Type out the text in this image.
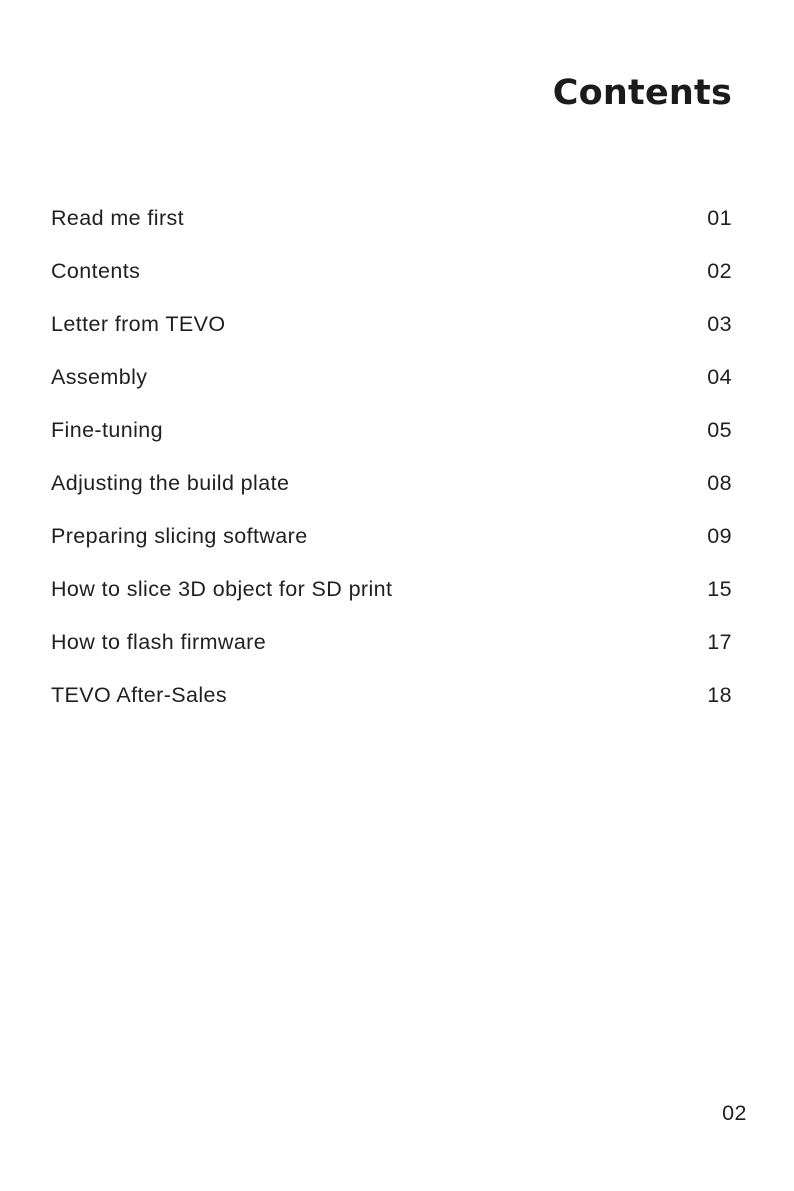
Contents
Read me first	01
Contents	02
Letter from TEVO	03
Assembly	04
Fine-tuning	05
Adjusting the build plate	08
Preparing slicing software	09
How to slice 3D object for SD print	15
How to flash firmware	17
TEVO After-Sales	18
02
